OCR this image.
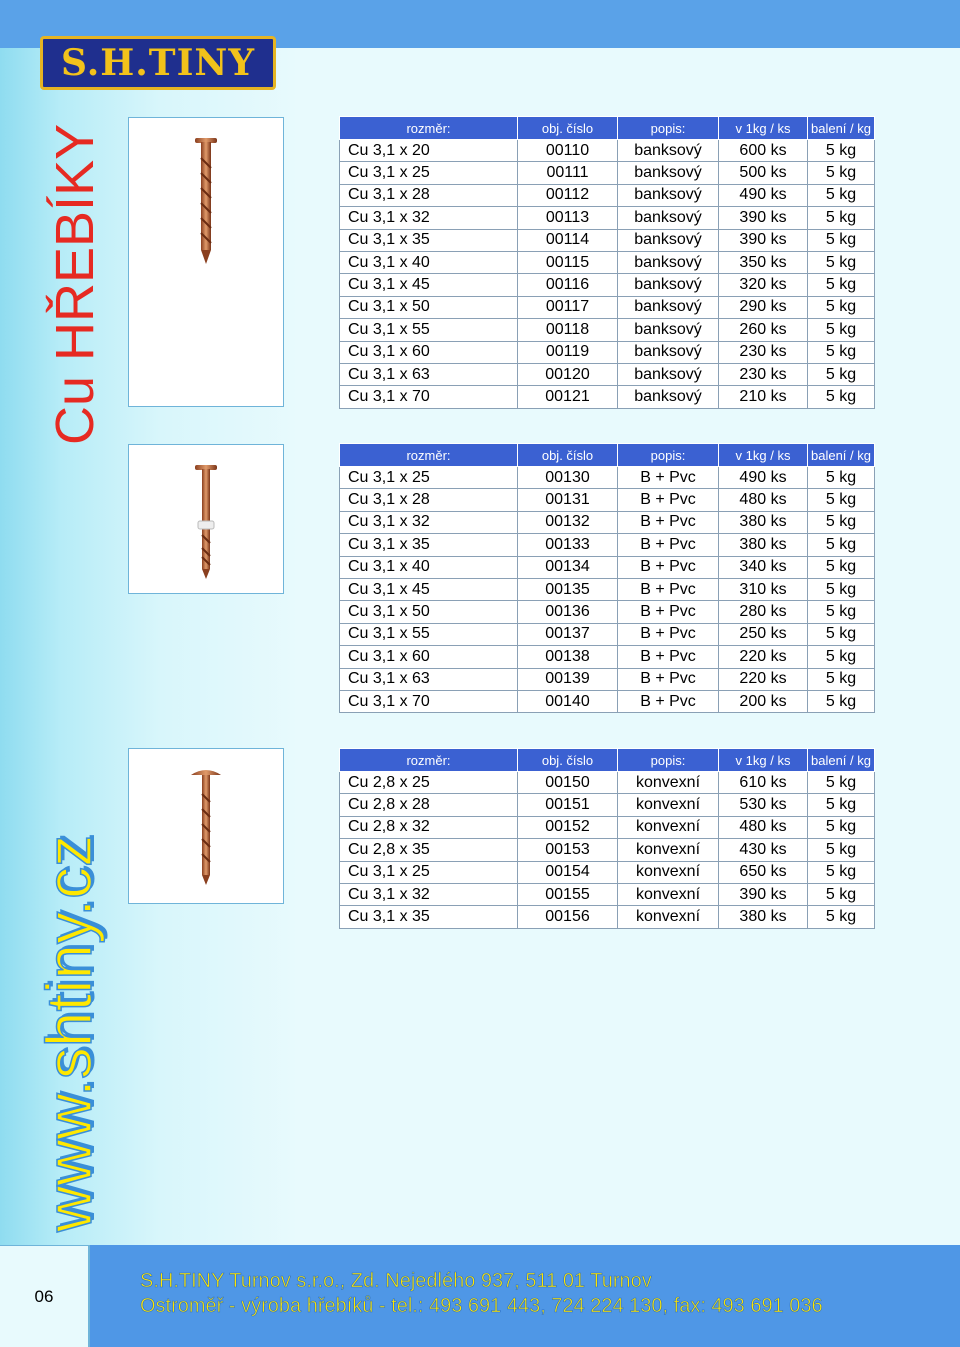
S.H.TINY
Cu HŘEBÍKY
www.shtiny.cz
rozměr:	obj. číslo	popis:	v 1kg / ks	balení / kg
Cu 3,1 x 20	00110	banksový	600 ks	5 kg
Cu 3,1 x 25	00111	banksový	500 ks	5 kg
Cu 3,1 x 28	00112	banksový	490 ks	5 kg
Cu 3,1 x 32	00113	banksový	390 ks	5 kg
Cu 3,1 x 35	00114	banksový	390 ks	5 kg
Cu 3,1 x 40	00115	banksový	350 ks	5 kg
Cu 3,1 x 45	00116	banksový	320 ks	5 kg
Cu 3,1 x 50	00117	banksový	290 ks	5 kg
Cu 3,1 x 55	00118	banksový	260 ks	5 kg
Cu 3,1 x 60	00119	banksový	230 ks	5 kg
Cu 3,1 x 63	00120	banksový	230 ks	5 kg
Cu 3,1 x 70	00121	banksový	210 ks	5 kg
rozměr:	obj. číslo	popis:	v 1kg / ks	balení / kg
Cu 3,1 x 25	00130	B + Pvc	490 ks	5 kg
Cu 3,1 x 28	00131	B + Pvc	480 ks	5 kg
Cu 3,1 x 32	00132	B + Pvc	380 ks	5 kg
Cu 3,1 x 35	00133	B + Pvc	380 ks	5 kg
Cu 3,1 x 40	00134	B + Pvc	340 ks	5 kg
Cu 3,1 x 45	00135	B + Pvc	310 ks	5 kg
Cu 3,1 x 50	00136	B + Pvc	280 ks	5 kg
Cu 3,1 x 55	00137	B + Pvc	250 ks	5 kg
Cu 3,1 x 60	00138	B + Pvc	220 ks	5 kg
Cu 3,1 x 63	00139	B + Pvc	220 ks	5 kg
Cu 3,1 x 70	00140	B + Pvc	200 ks	5 kg
rozměr:	obj. číslo	popis:	v 1kg / ks	balení / kg
Cu 2,8 x 25	00150	konvexní	610 ks	5 kg
Cu 2,8 x 28	00151	konvexní	530 ks	5 kg
Cu 2,8 x 32	00152	konvexní	480 ks	5 kg
Cu 2,8 x 35	00153	konvexní	430 ks	5 kg
Cu 3,1 x 25	00154	konvexní	650 ks	5 kg
Cu 3,1 x 32	00155	konvexní	390 ks	5 kg
Cu 3,1 x 35	00156	konvexní	380 ks	5 kg
06
S.H.TINY Turnov s.r.o., Zd. Nejedlého 937, 511 01 Turnov
Ostroměř - výroba hřebíků - tel.: 493 691 443, 724 224 130, fax: 493 691 036
